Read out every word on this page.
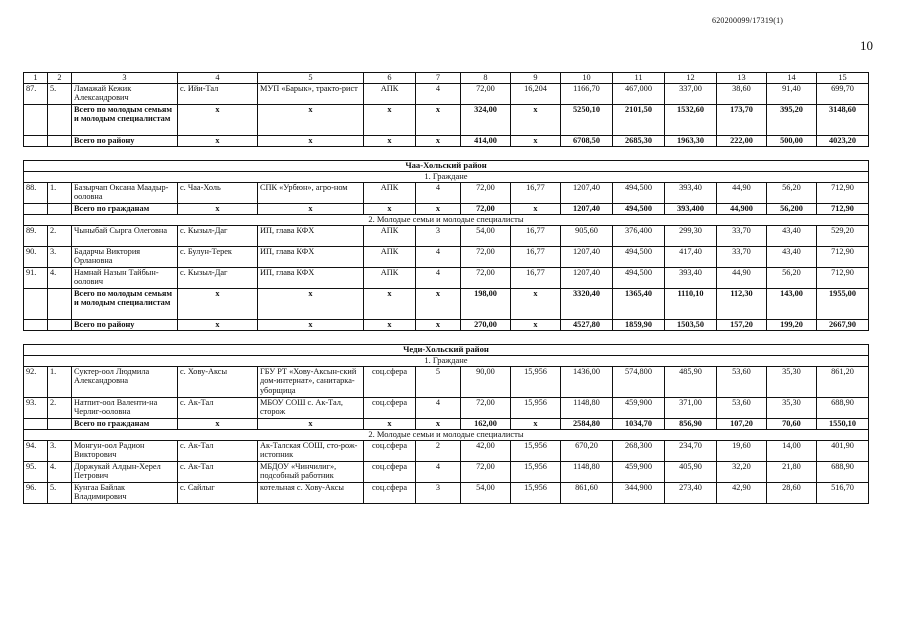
620200099/17319(1)
10
1	2	3	4	5	6	7	8	9	10	11	12	13	14	15
87.	5.	Ламажай Кежик Александрович	с. Ийи-Тал	МУП «Барык», тракто-рист	АПК	4	72,00	16,204	1166,70	467,000	337,00	38,60	91,40	699,70
		Всего по молодым семьям и молодым специалистам	x	x	x	x	324,00	x	5250,10	2101,50	1532,60	173,70	395,20	3148,60
		Всего по району	x	x	x	x	414,00	x	6708,50	2685,30	1963,30	222,00	500,00	4023,20

Чаа-Хольский район														
1. Граждане														
88.	1.	Базырчап Оксана Маадыр-ооловна	с. Чаа-Холь	СПК «Урбюн», агро-ном	АПК	4	72,00	16,77	1207,40	494,500	393,40	44,90	56,20	712,90
		Всего по гражданам	x	x	x	x	72,00	x	1207,40	494,500	393,400	44,900	56,200	712,90
2. Молодые семьи и молодые специалисты														
89.	2.	Чыныбай Сырга Олеговна	с. Кызыл-Даг	ИП, глава КФХ	АПК	3	54,00	16,77	905,60	376,400	299,30	33,70	43,40	529,20
90.	3.	Бадарчы Виктория Орлановна	с. Булун-Терек	ИП, глава КФХ	АПК	4	72,00	16,77	1207,40	494,500	417,40	33,70	43,40	712,90
91.	4.	Намнай Назын Тайбын-оолович	с. Кызыл-Даг	ИП, глава КФХ	АПК	4	72,00	16,77	1207,40	494,500	393,40	44,90	56,20	712,90
		Всего по молодым семьям и молодым специалистам	x	x	x	x	198,00	x	3320,40	1365,40	1110,10	112,30	143,00	1955,00
		Всего по району	x	x	x	x	270,00	x	4527,80	1859,90	1503,50	157,20	199,20	2667,90

Чеди-Хольский район														
1. Граждане														
92.	1.	Суктер-оол Людмила Александровна	с. Хову-Аксы	ГБУ РТ «Хову-Аксын-ский дом-интернат», санитарка-уборщица	соц.сфера	5	90,00	15,956	1436,00	574,800	485,90	53,60	35,30	861,20
93.	2.	Натпит-оол Валенти-на Черлиг-ооловна	с. Ак-Тал	МБОУ СОШ с. Ак-Тал, сторож	соц.сфера	4	72,00	15,956	1148,80	459,900	371,00	53,60	35,30	688,90
		Всего по гражданам	x	x	x	x	162,00	x	2584,80	1034,70	856,90	107,20	70,60	1550,10
2. Молодые семьи и молодые специалисты														
94.	3.	Монгун-оол Радион Викторович	с. Ак-Тал	Ак-Талская СОШ, сто-рож-истопник	соц.сфера	2	42,00	15,956	670,20	268,300	234,70	19,60	14,00	401,90
95.	4.	Доржукай Алдын-Херел Петрович	с. Ак-Тал	МБДОУ «Чинчилиг», подсобный работник	соц.сфера	4	72,00	15,956	1148,80	459,900	405,90	32,20	21,80	688,90
96.	5.	Кунгаа Байлак Владимирович	с. Сайлыг	котельная с. Хову-Аксы	соц.сфера	3	54,00	15,956	861,60	344,900	273,40	42,90	28,60	516,70
